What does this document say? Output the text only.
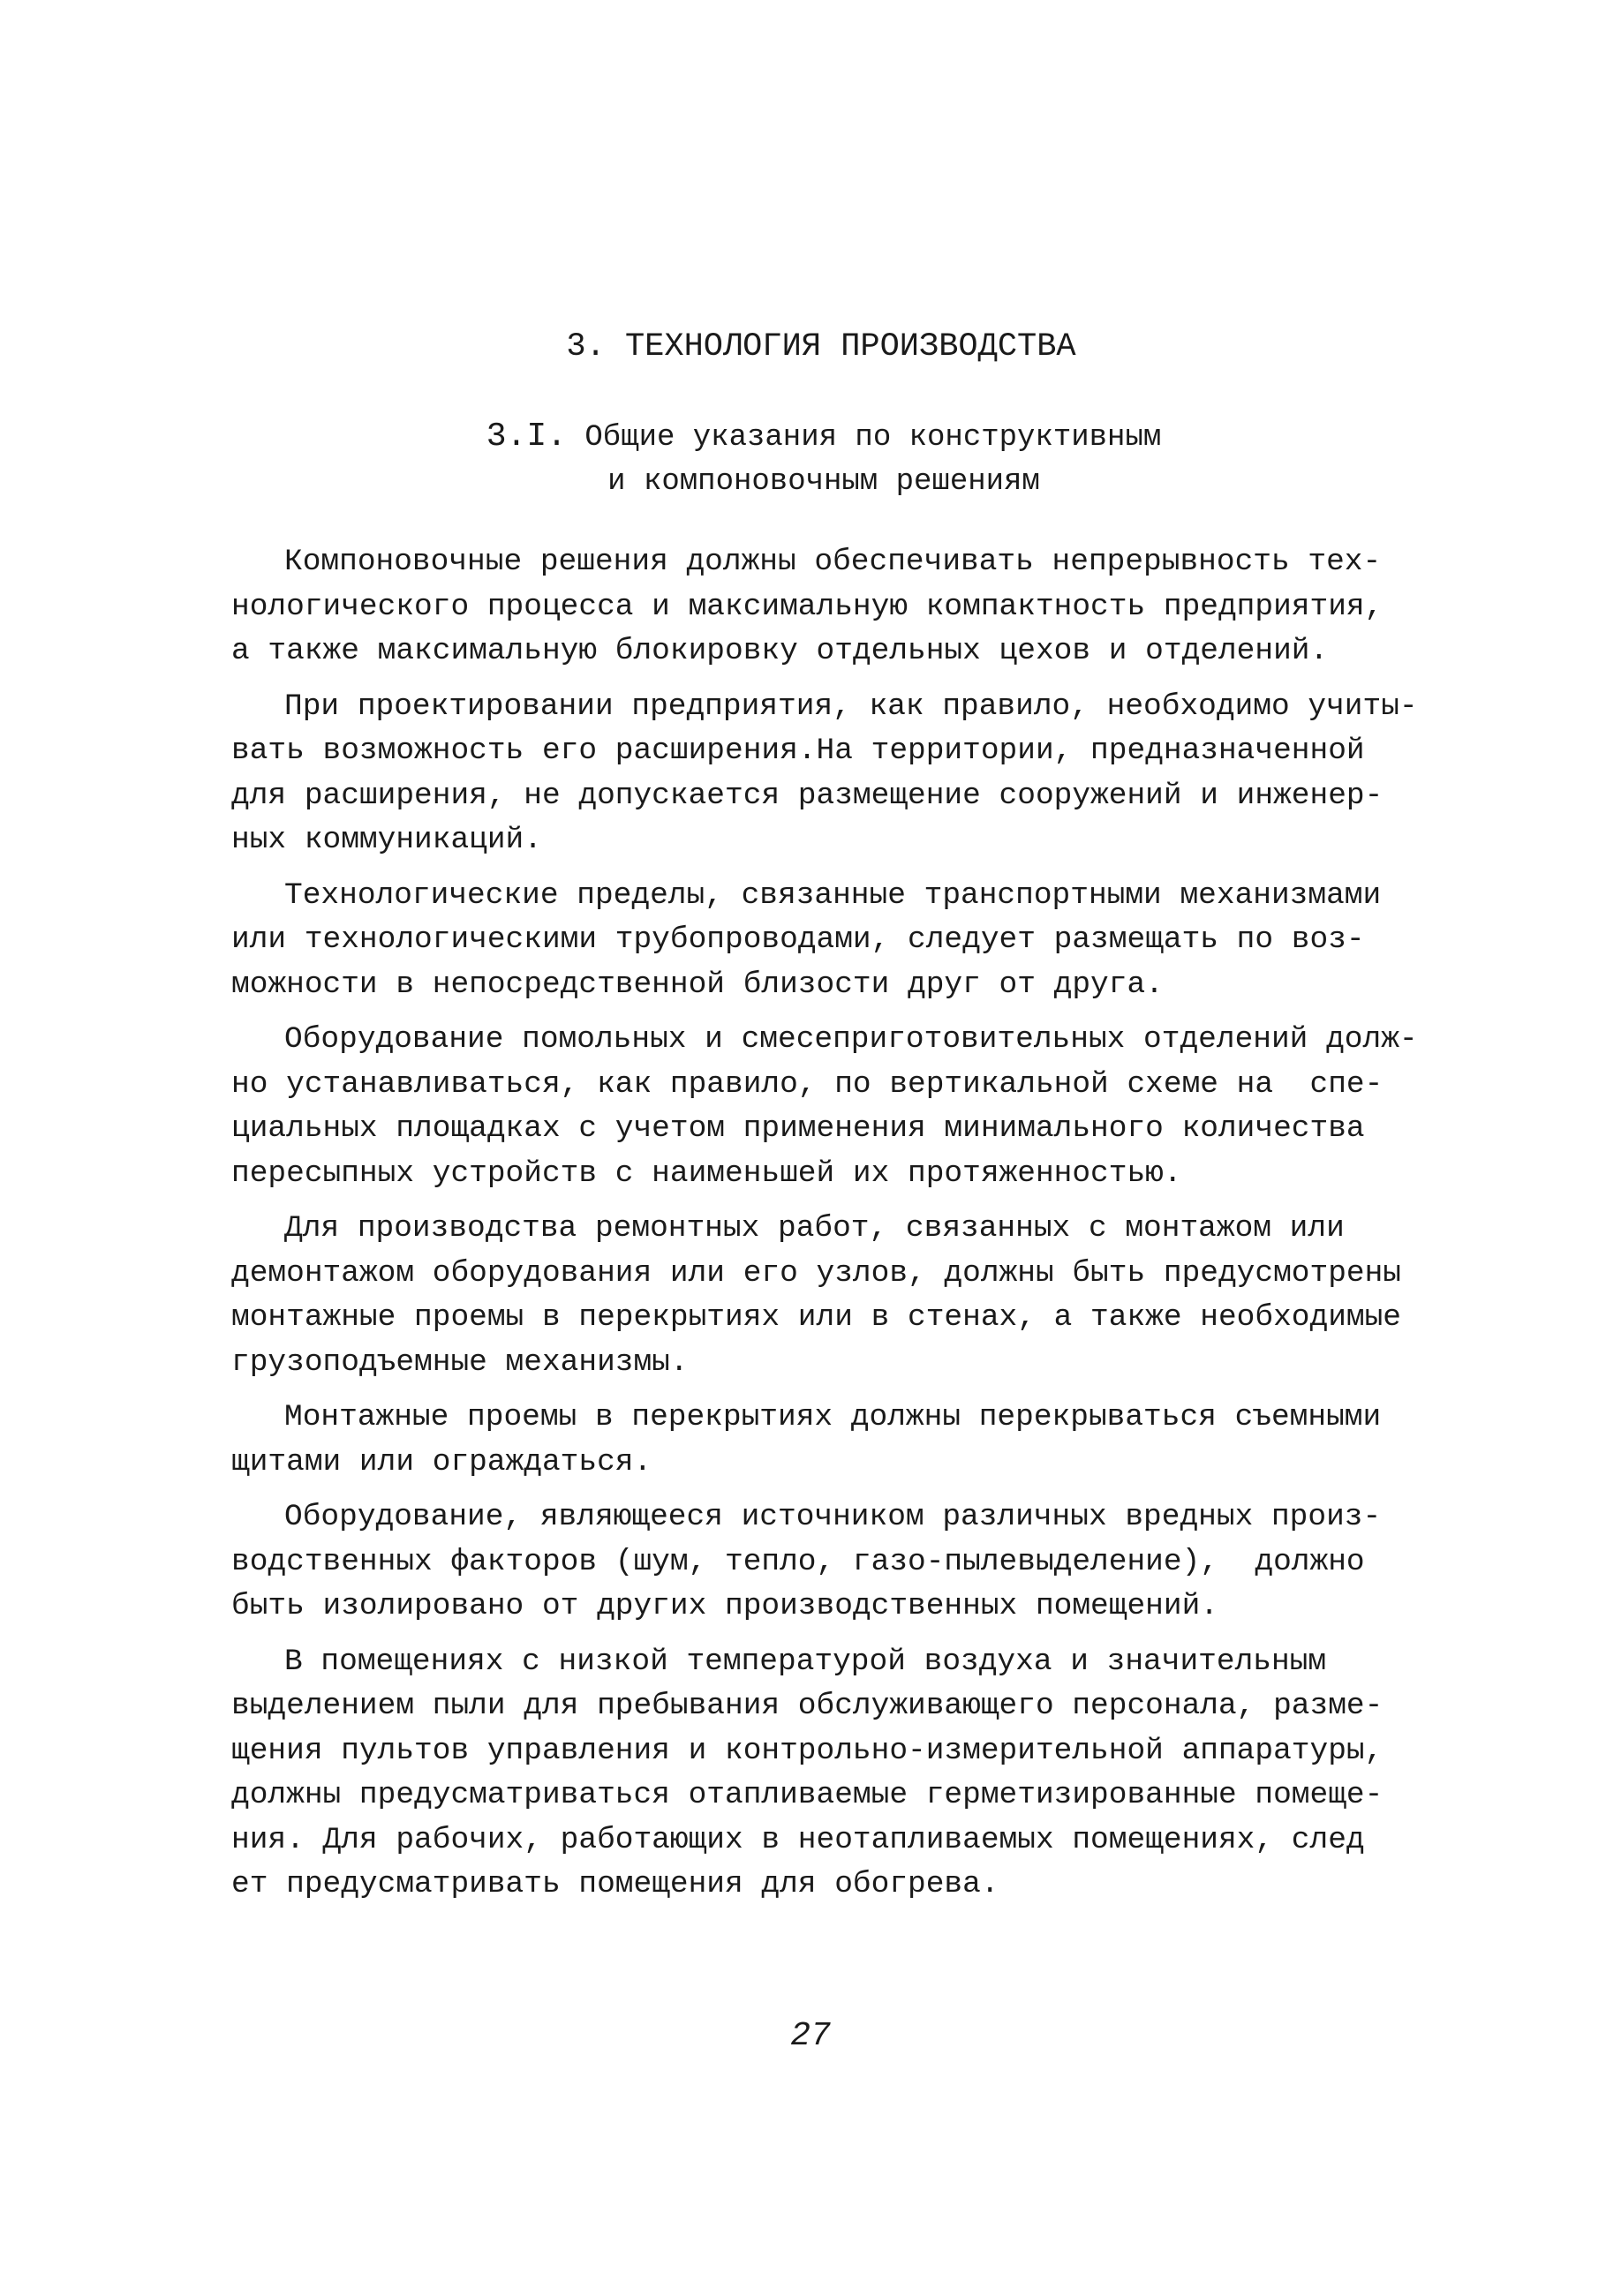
3. ТЕХНОЛОГИЯ ПРОИЗВОДСТВА
3.I. Общие указания по конструктивным
и компоновочным решениям
Компоновочные решения должны обеспечивать непрерывность тех-
нологического процесса и максимальную компактность предприятия,
а также максимальную блокировку отдельных цехов и отделений.
При проектировании предприятия, как правило, необходимо учиты-
вать возможность его расширения.На территории, предназначенной
для расширения, не допускается размещение сооружений и инженер-
ных коммуникаций.
Технологические пределы, связанные транспортными механизмами
или технологическими трубопроводами, следует размещать по воз-
можности в непосредственной близости друг от друга.
Оборудование помольных и смесеприготовительных отделений долж-
но устанавливаться, как правило, по вертикальной схеме на  спе-
циальных площадках с учетом применения минимального количества
пересыпных устройств с наименьшей их протяженностью.
Для производства ремонтных работ, связанных с монтажом или
демонтажом оборудования или его узлов, должны быть предусмотрены
монтажные проемы в перекрытиях или в стенах, а также необходимые
грузоподъемные механизмы.
Монтажные проемы в перекрытиях должны перекрываться съемными
щитами или ограждаться.
Оборудование, являющееся источником различных вредных произ-
водственных факторов (шум, тепло, газо-пылевыделение),  должно
быть изолировано от других производственных помещений.
В помещениях с низкой температурой воздуха и значительным
выделением пыли для пребывания обслуживающего персонала, разме-
щения пультов управления и контрольно-измерительной аппаратуры,
должны предусматриваться отапливаемые герметизированные помеще-
ния. Для рабочих, работающих в неотапливаемых помещениях, след
ет предусматривать помещения для обогрева.
27
